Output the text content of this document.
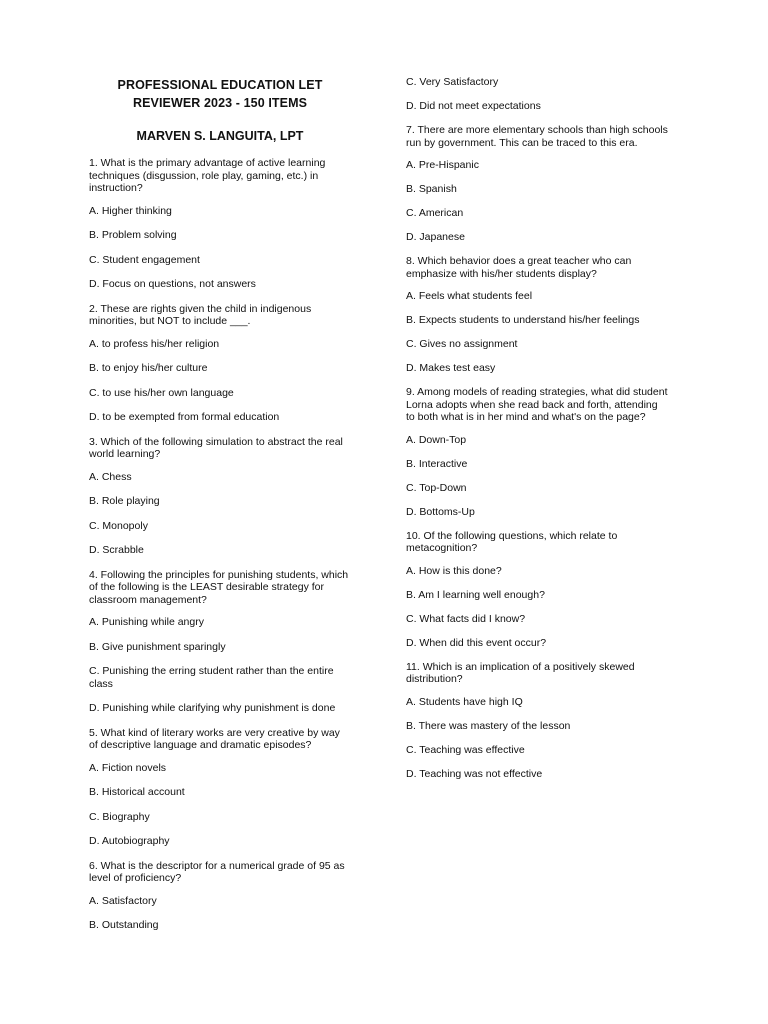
PROFESSIONAL EDUCATION LET
REVIEWER 2023 - 150 ITEMS
MARVEN S. LANGUITA, LPT
1. What is the primary advantage of active learning techniques (disgussion, role play, gaming, etc.) in instruction?
A. Higher thinking
B. Problem solving
C. Student engagement
D. Focus on questions, not answers
2. These are rights given the child in indigenous minorities, but NOT to include ___.
A. to profess his/her religion
B. to enjoy his/her culture
C. to use his/her own language
D. to be exempted from formal education
3. Which of the following simulation to abstract the real world learning?
A. Chess
B. Role playing
C. Monopoly
D. Scrabble
4. Following the principles for punishing students, which of the following is the LEAST desirable strategy for classroom management?
A. Punishing while angry
B. Give punishment sparingly
C. Punishing the erring student rather than the entire class
D. Punishing while clarifying why punishment is done
5. What kind of literary works are very creative by way of descriptive language and dramatic episodes?
A. Fiction novels
B. Historical account
C. Biography
D. Autobiography
6. What is the descriptor for a numerical grade of 95 as level of proficiency?
A. Satisfactory
B. Outstanding
C. Very Satisfactory
D. Did not meet expectations
7. There are more elementary schools than high schools run by government. This can be traced to this era.
A. Pre-Hispanic
B. Spanish
C. American
D. Japanese
8. Which behavior does a great teacher who can emphasize with his/her students display?
A. Feels what students feel
B. Expects students to understand his/her feelings
C. Gives no assignment
D. Makes test easy
9. Among models of reading strategies, what did student Lorna adopts when she read back and forth, attending to both what is in her mind and what's on the page?
A. Down-Top
B. Interactive
C. Top-Down
D. Bottoms-Up
10. Of the following questions, which relate to metacognition?
A. How is this done?
B. Am I learning well enough?
C. What facts did I know?
D. When did this event occur?
11. Which is an implication of a positively skewed distribution?
A. Students have high IQ
B. There was mastery of the lesson
C. Teaching was effective
D. Teaching was not effective
